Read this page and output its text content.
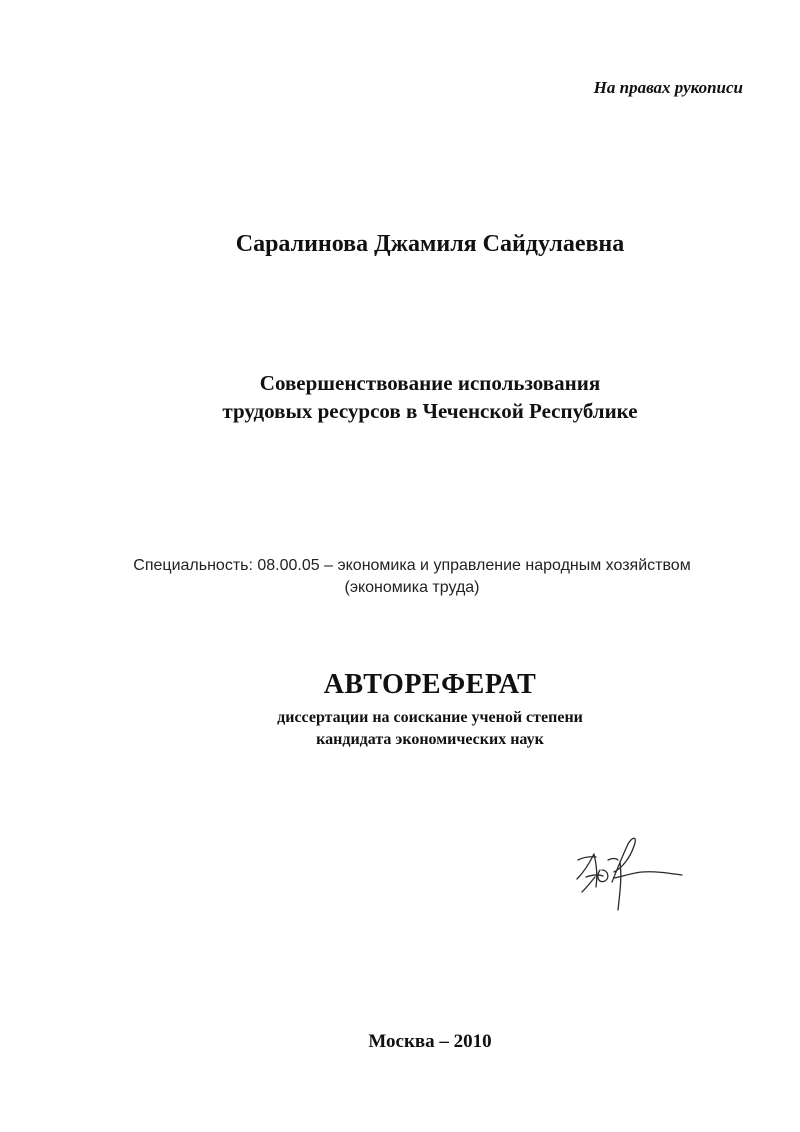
На правах рукописи
Саралинова Джамиля Сайдулаевна
Совершенствование использования
трудовых ресурсов в Чеченской Республике
Специальность: 08.00.05 – экономика и управление народным хозяйством
(экономика труда)
АВТОРЕФЕРАТ
диссертации на соискание ученой степени
кандидата экономических наук
Москва – 2010
